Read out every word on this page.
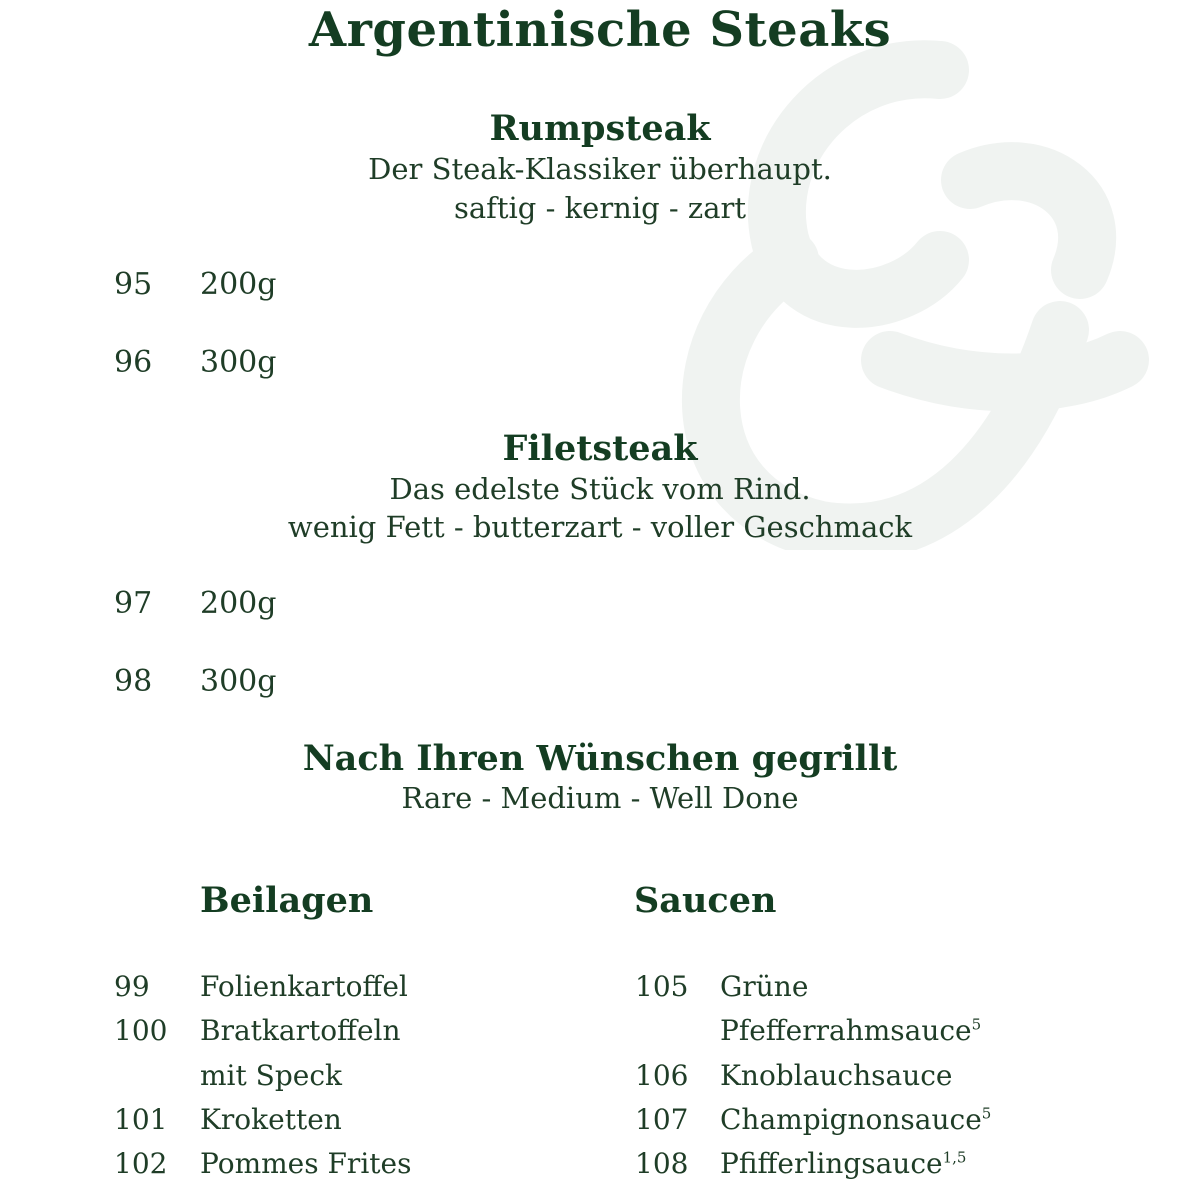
Argentinische Steaks
Rumpsteak
Der Steak-Klassiker überhaupt.
saftig - kernig - zart
95 200g
96 300g
Filetsteak
Das edelste Stück vom Rind.
wenig Fett - butterzart - voller Geschmack
97 200g
98 300g
Nach Ihren Wünschen gegrillt
Rare - Medium - Well Done
Beilagen
99 Folienkartoffel
100 Bratkartoffeln
mit Speck
101 Kroketten
102 Pommes Frites
Saucen
105 Grüne
Pfefferrahmsauce$^5$
106 Knoblauchsauce
107 Champignonsauce$^5$
108 Pfifferlingsauce$^{1,5}$
